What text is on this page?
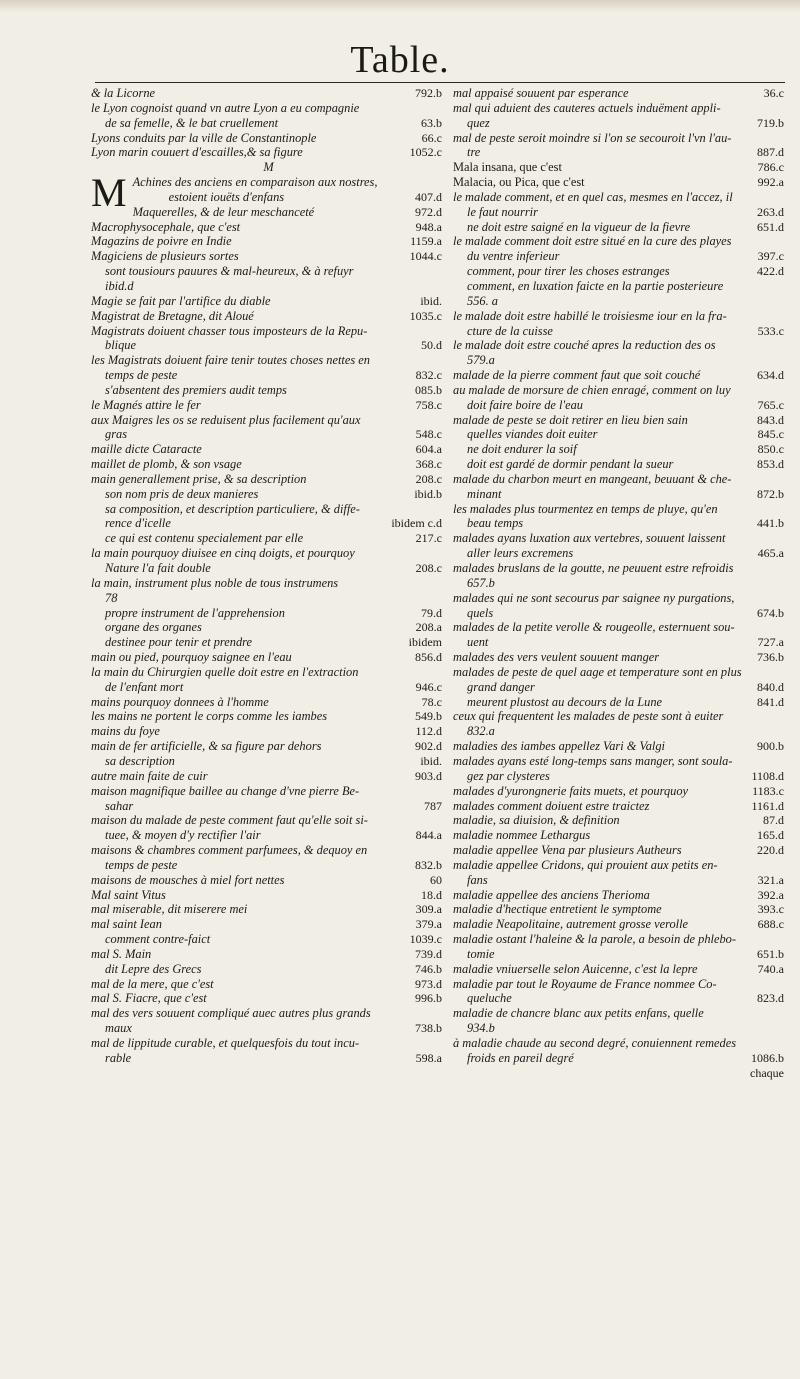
Table.
& la Licorne	792.b
le Lyon cognoist quand vn autre Lyon a eu compagnie
de sa femelle, & le bat cruellement	63.b
Lyons conduits par la ville de Constantinople	66.c
Lyon marin couuert d'escailles,& sa figure	1052.c
M
M Achines des anciens en comparaison aux nostres,
estoient iouëts d'enfans	407.d
Maquerelles, & de leur meschanceté	972.d
Macrophysocephale, que c'est	948.a
Magazins de poivre en Indie	1159.a
Magiciens de plusieurs sortes	1044.c
sont tousiours pauures & mal-heureux, & à refuyr
ibid.d
Magie se fait par l'artifice du diable	ibid.
Magistrat de Bretagne, dit Aloué	1035.c
Magistrats doiuent chasser tous imposteurs de la Repu-
blique	50.d
les Magistrats doiuent faire tenir toutes choses nettes en
temps de peste	832.c
s'absentent des premiers audit temps	085.b
le Magnés attire le fer	758.c
aux Maigres les os se reduisent plus facilement qu'aux
gras	548.c
maille dicte Cataracte	604.a
maillet de plomb, & son vsage	368.c
main generallement prise, & sa description	208.c
son nom pris de deux manieres	ibid.b
sa composition, et description particuliere, & diffe-
rence d'icelle	ibidem c.d
ce qui est contenu specialement par elle	217.c
la main pourquoy diuisee en cinq doigts, et pourquoy
Nature l'a fait double	208.c
la main, instrument plus noble de tous instrumens
78
propre instrument de l'apprehension	79.d
organe des organes	208.a
destinee pour tenir et prendre	ibidem
main ou pied, pourquoy saignee en l'eau	856.d
la main du Chirurgien quelle doit estre en l'extraction
de l'enfant mort	946.c
mains pourquoy donnees à l'homme	78.c
les mains ne portent le corps comme les iambes	549.b
mains du foye	112.d
main de fer artificielle, & sa figure par dehors	902.d
sa description	ibid.
autre main faite de cuir	903.d
maison magnifique baillee au change d'vne pierre Be-
sahar	787
maison du malade de peste comment faut qu'elle soit si-
tuee, & moyen d'y rectifier l'air	844.a
maisons & chambres comment parfumees, & dequoy en
temps de peste	832.b
maisons de mousches à miel fort nettes	60
Mal saint Vitus	18.d
mal miserable, dit miserere mei	309.a
mal saint Iean	379.a
comment contre-faict	1039.c
mal S. Main	739.d
dit Lepre des Grecs	746.b
mal de la mere, que c'est	973.d
mal S. Fiacre, que c'est	996.b
mal des vers souuent compliqué auec autres plus grands
maux	738.b
mal de lippitude curable, et quelquesfois du tout incu-
rable	598.a
mal appaisé souuent par esperance	36.c
mal qui aduient des cauteres actuels induëment appli-
quez	719.b
mal de peste seroit moindre si l'on se secouroit l'vn l'au-
tre	887.d
Mala insana, que c'est	786.c
Malacia, ou Pica, que c'est	992.a
le malade comment, et en quel cas, mesmes en l'accez, il
le faut nourrir	263.d
ne doit estre saigné en la vigueur de la fievre	651.d
le malade comment doit estre situé en la cure des playes
du ventre inferieur	397.c
comment, pour tirer les choses estranges	422.d
comment, en luxation faicte en la partie posterieure
556. a
le malade doit estre habillé le troisiesme iour en la fra-
cture de la cuisse	533.c
le malade doit estre couché apres la reduction des os
579.a
malade de la pierre comment faut que soit couché	634.d
au malade de morsure de chien enragé, comment on luy
doit faire boire de l'eau	765.c
malade de peste se doit retirer en lieu bien sain	843.d
quelles viandes doit euiter	845.c
ne doit endurer la soif	850.c
doit est gardé de dormir pendant la sueur	853.d
malade du charbon meurt en mangeant, beuuant & che-
minant	872.b
les malades plus tourmentez en temps de pluye, qu'en
beau temps	441.b
malades ayans luxation aux vertebres, souuent laissent
aller leurs excremens	465.a
malades bruslans de la goutte, ne peuuent estre refroidis
657.b
malades qui ne sont secourus par saignee ny purgations,
quels	674.b
malades de la petite verolle & rougeolle, esternuent sou-
uent	727.a
malades des vers veulent souuent manger	736.b
malades de peste de quel aage et temperature sont en plus
grand danger	840.d
meurent plustost au decours de la Lune	841.d
ceux qui frequentent les malades de peste sont à euiter
832.a
maladies des iambes appellez Vari & Valgi	900.b
malades ayans esté long-temps sans manger, sont soula-
gez par clysteres	1108.d
malades d'yurongnerie faits muets, et pourquoy	1183.c
malades comment doiuent estre traictez	1161.d
maladie, sa diuision, & definition	87.d
maladie nommee Lethargus	165.d
maladie appellee Vena par plusieurs Autheurs	220.d
maladie appellee Cridons, qui prouient aux petits en-
fans	321.a
maladie appellee des anciens Therioma	392.a
maladie d'hectique entretient le symptome	393.c
maladie Neapolitaine, autrement grosse verolle	688.c
maladie ostant l'haleine & la parole, a besoin de phlebo-
tomie	651.b
maladie vniuerselle selon Auicenne, c'est la lepre	740.a
maladie par tout le Royaume de France nommee Co-
queluche	823.d
maladie de chancre blanc aux petits enfans, quelle
934.b
à maladie chaude au second degré, conuiennent remedes
froids en pareil degré	1086.b
chaque
